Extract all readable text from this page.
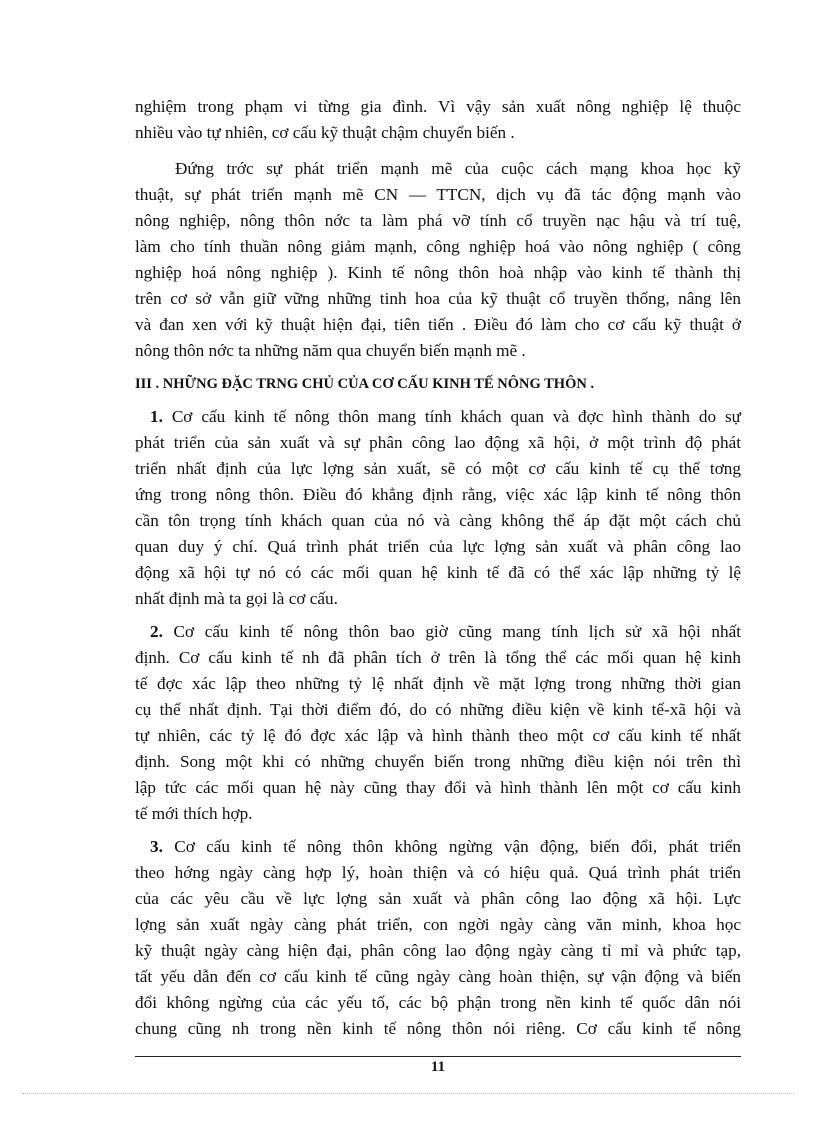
nghiệm trong phạm vi từng gia đình. Vì vậy sản xuất nông nghiệp lệ thuộc
nhiều vào tự nhiên, cơ cấu kỹ thuật chậm chuyển biến .
Đứng trớc sự phát triển mạnh mẽ của cuộc cách mạng khoa học kỹ
thuật, sự phát triển mạnh mẽ CN — TTCN, dịch vụ đã tác động mạnh vào
nông nghiệp, nông thôn nớc ta làm phá vỡ tính cổ truyền nạc hậu và trí tuệ,
làm cho tính thuần nông giảm mạnh, công nghiệp hoá vào nông nghiệp ( công
nghiệp hoá nông nghiệp ). Kinh tế nông thôn hoà nhập vào kinh tế thành thị
trên cơ sở vẫn giữ vững những tinh hoa của kỹ thuật cổ truyền thống, nâng lên
và đan xen với kỹ thuật hiện đại, tiên tiến . Điều đó làm cho cơ cấu kỹ thuật ở
nông thôn nớc ta những năm qua chuyển biến mạnh mẽ .
III . NHỮNG ĐẶC TRNG CHỦ CỦA CƠ CẤU KINH TẾ NÔNG THÔN .
1. Cơ cấu kinh tế nông thôn mang tính khách quan và đợc hình thành do sự
phát triển của sản xuất và sự phân công lao động xã hội, ở một trình độ phát
triển nhất định của lực lợng sản xuất, sẽ có một cơ cấu kinh tế cụ thể tơng
ứng trong nông thôn. Điều đó khẳng định rằng, việc xác lập kinh tế nông thôn
cần tôn trọng tính khách quan của nó và càng không thể áp đặt một cách chủ
quan duy ý chí. Quá trình phát triển của lực lợng sản xuất và phân công lao
động xã hội tự nó có các mối quan hệ kinh tế đã có thể xác lập những tỷ lệ
nhất định mà ta gọi là cơ cấu.
2. Cơ cấu kinh tế nông thôn bao giờ cũng mang tính lịch sử xã hội nhất
định. Cơ cấu kinh tế nh đã phân tích ở trên là tổng thể các mối quan hệ kinh
tế đợc xác lập theo những tỷ lệ nhất định về mặt lợng trong những thời gian
cụ thể nhất định. Tại thời điểm đó, do có những điều kiện về kinh tế-xã hội và
tự nhiên, các tỷ lệ đó đợc xác lập và hình thành theo một cơ cấu kinh tế nhất
định. Song một khi có những chuyển biến trong những điều kiện nói trên thì
lập tức các mối quan hệ này cũng thay đổi và hình thành lên một cơ cấu kinh
tế mới thích hợp.
3. Cơ cấu kinh tế nông thôn không ngừng vận động, biến đổi, phát triển
theo hớng ngày càng hợp lý, hoàn thiện và có hiệu quả. Quá trình phát triển
của các yêu cầu về lực lợng sản xuất và phân công lao động xã hội. Lực
lợng sản xuất ngày càng phát triển, con ngời ngày càng văn minh, khoa học
kỹ thuật ngày càng hiện đại, phân công lao động ngày càng tỉ mỉ và phức tạp,
tất yếu dẫn đến cơ cấu kinh tế cũng ngày càng hoàn thiện, sự vận động và biến
đổi không ngừng của các yếu tố, các bộ phận trong nền kinh tế quốc dân nói
chung cũng nh trong nền kinh tế nông thôn nói riêng. Cơ cấu kinh tế nông
11
